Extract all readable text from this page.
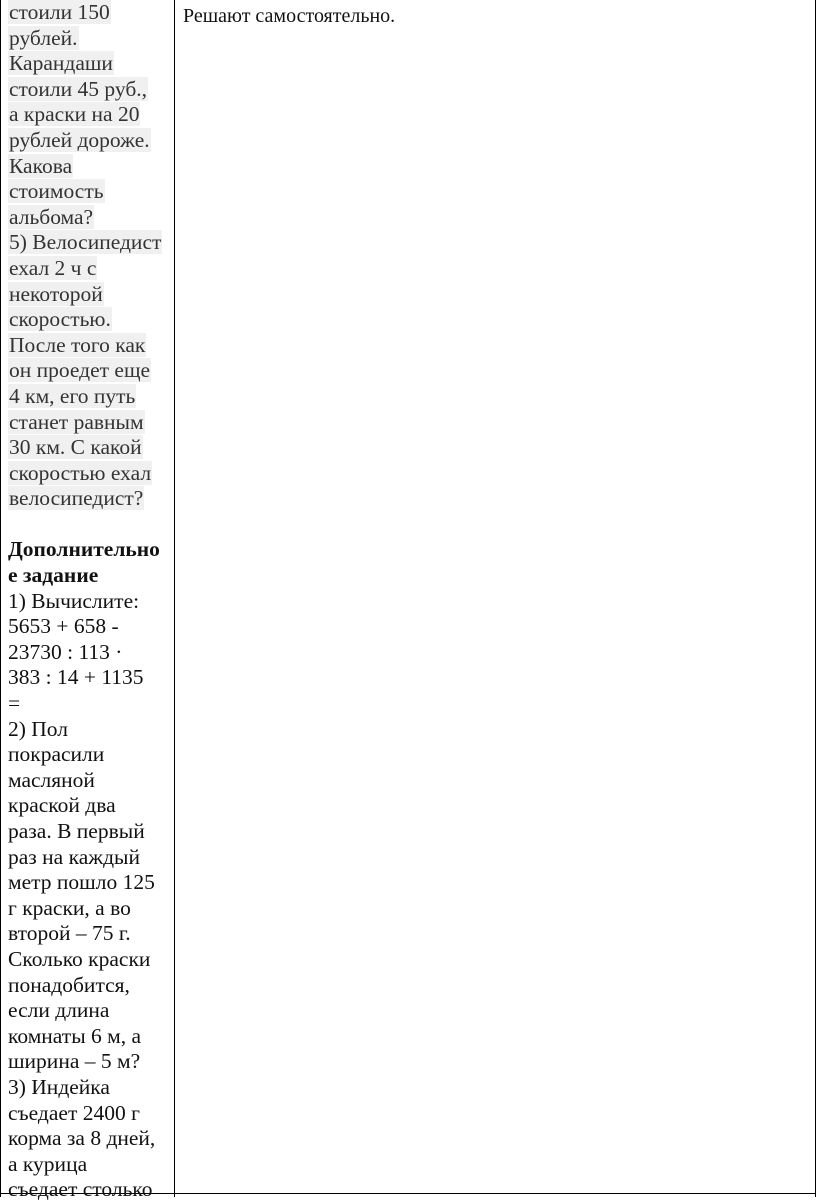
стоили 150
рублей.
Карандаши
стоили 45 руб.,
а краски на 20
рублей дороже.
Какова
стоимость
альбома?
5) Велосипедист
ехал 2 ч с
некоторой
скоростью.
После того как
он проедет еще
4 км, его путь
станет равным
30 км. С какой
скоростью ехал
велосипедист?
Дополнительно
е задание
1) Вычислите:
5653 + 658 -
23730 : 113 ·
383 : 14 + 1135
=
2) Пол
покрасили
масляной
краской два
раза. В первый
раз на каждый
метр пошло 125
г краски, а во
второй – 75 г.
Сколько краски
понадобится,
если длина
комнаты 6 м, а
ширина – 5 м?
3) Индейка
съедает 2400 г
корма за 8 дней,
а курица
съедает столько
Решают самостоятельно.
